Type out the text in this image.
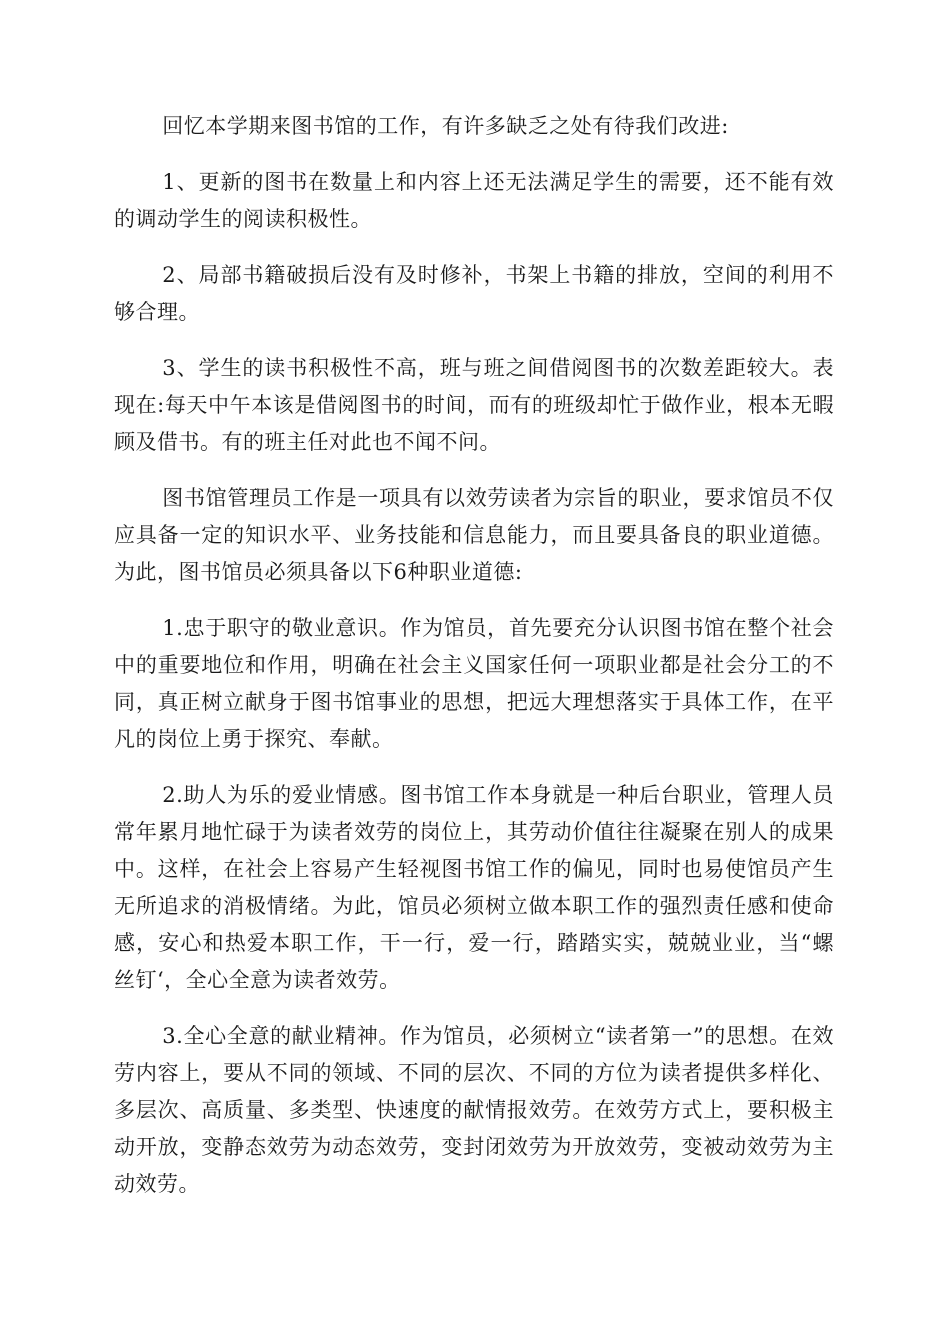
回忆本学期来图书馆的工作，有许多缺乏之处有待我们改进:

1、更新的图书在数量上和内容上还无法满足学生的需要，还不能有效的调动学生的阅读积极性。

2、局部书籍破损后没有及时修补，书架上书籍的排放，空间的利用不够合理。

3、学生的读书积极性不高，班与班之间借阅图书的次数差距较大。表现在:每天中午本该是借阅图书的时间，而有的班级却忙于做作业，根本无暇顾及借书。有的班主任对此也不闻不问。

图书馆管理员工作是一项具有以效劳读者为宗旨的职业，要求馆员不仅应具备一定的知识水平、业务技能和信息能力，而且要具备良的职业道德。为此，图书馆员必须具备以下6种职业道德:

1.忠于职守的敬业意识。作为馆员，首先要充分认识图书馆在整个社会中的重要地位和作用，明确在社会主义国家任何一项职业都是社会分工的不同，真正树立献身于图书馆事业的思想，把远大理想落实于具体工作，在平凡的岗位上勇于探究、奉献。

2.助人为乐的爱业情感。图书馆工作本身就是一种后台职业，管理人员常年累月地忙碌于为读者效劳的岗位上，其劳动价值往往凝聚在别人的成果中。这样，在社会上容易产生轻视图书馆工作的偏见，同时也易使馆员产生无所追求的消极情绪。为此，馆员必须树立做本职工作的强烈责任感和使命感，安心和热爱本职工作，干一行，爱一行，踏踏实实，兢兢业业，当“螺丝钉‘，全心全意为读者效劳。

3.全心全意的献业精神。作为馆员，必须树立“读者第一”的思想。在效劳内容上，要从不同的领域、不同的层次、不同的方位为读者提供多样化、多层次、高质量、多类型、快速度的献情报效劳。在效劳方式上，要积极主动开放，变静态效劳为动态效劳，变封闭效劳为开放效劳，变被动效劳为主动效劳。
